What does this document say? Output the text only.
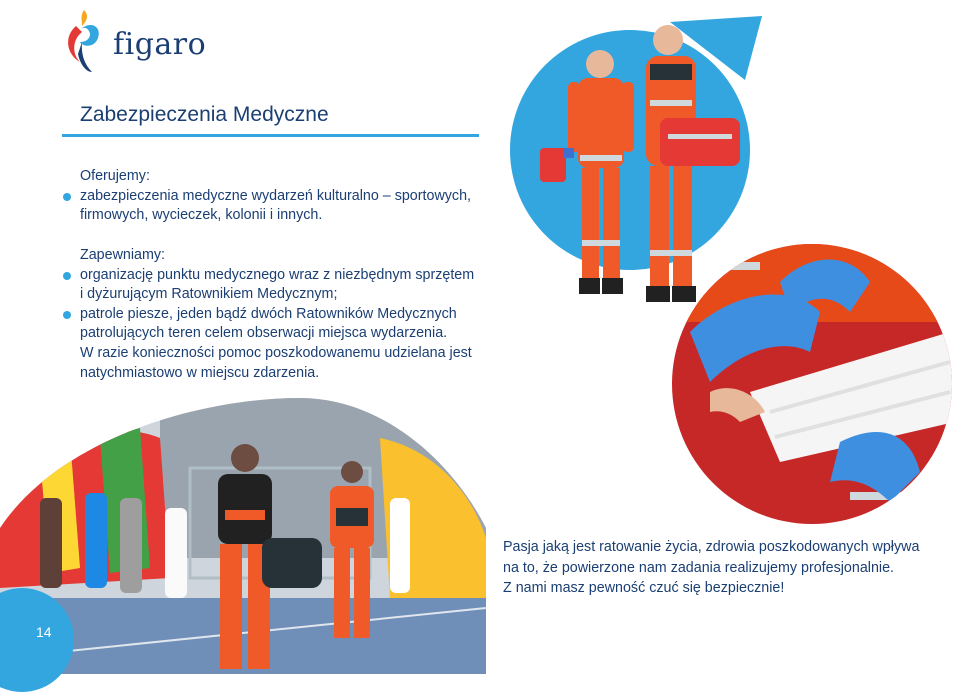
figaro
Zabezpieczenia Medyczne

Oferujemy:

zabezpieczenia medyczne wydarzeń kulturalno – sportowych,

firmowych, wycieczek, kolonii i innych.

Zapewniamy:

organizację punktu medycznego wraz z niezbędnym sprzętem

i dyżurującym Ratownikiem Medycznym;

patrole piesze, jeden bądź dwóch Ratowników Medycznych

patrolujących teren celem obserwacji miejsca wydarzenia.

W razie konieczności pomoc poszkodowanemu udzielana jest

natychmiastowo w miejscu zdarzenia.

Pasja jaką jest ratowanie życia, zdrowia poszkodowanych wpływa
na to, że powierzone nam zadania realizujemy profesjonalnie.
Z nami masz pewność czuć się bezpiecznie!
14
